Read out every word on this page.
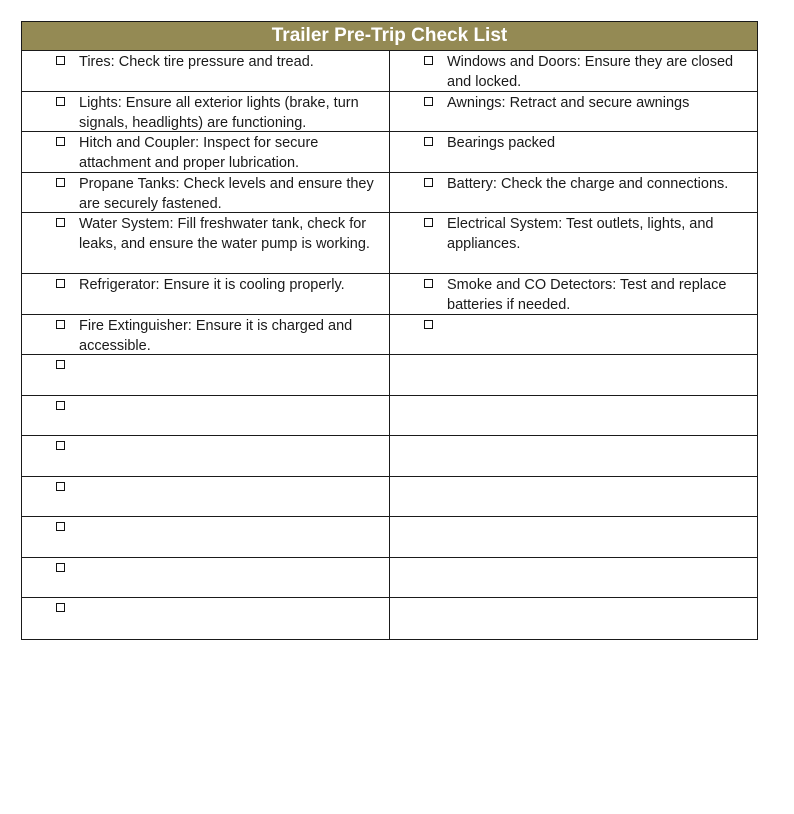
Trailer Pre-Trip Check List
Tires: Check tire pressure and tread.	Windows and Doors: Ensure they are closed and locked.
Lights: Ensure all exterior lights (brake, turn signals, headlights) are functioning.
Awnings: Retract and secure awnings
Hitch and Coupler: Inspect for secure attachment and proper lubrication.
Bearings packed
Propane Tanks: Check levels and ensure they are securely fastened.
Battery: Check the charge and connections.
Water System: Fill freshwater tank, check for leaks, and ensure the water pump is working.
Electrical System: Test outlets, lights, and appliances.
Refrigerator: Ensure it is cooling properly.	Smoke and CO Detectors: Test and replace batteries if needed.
Fire Extinguisher: Ensure it is charged and accessible.
